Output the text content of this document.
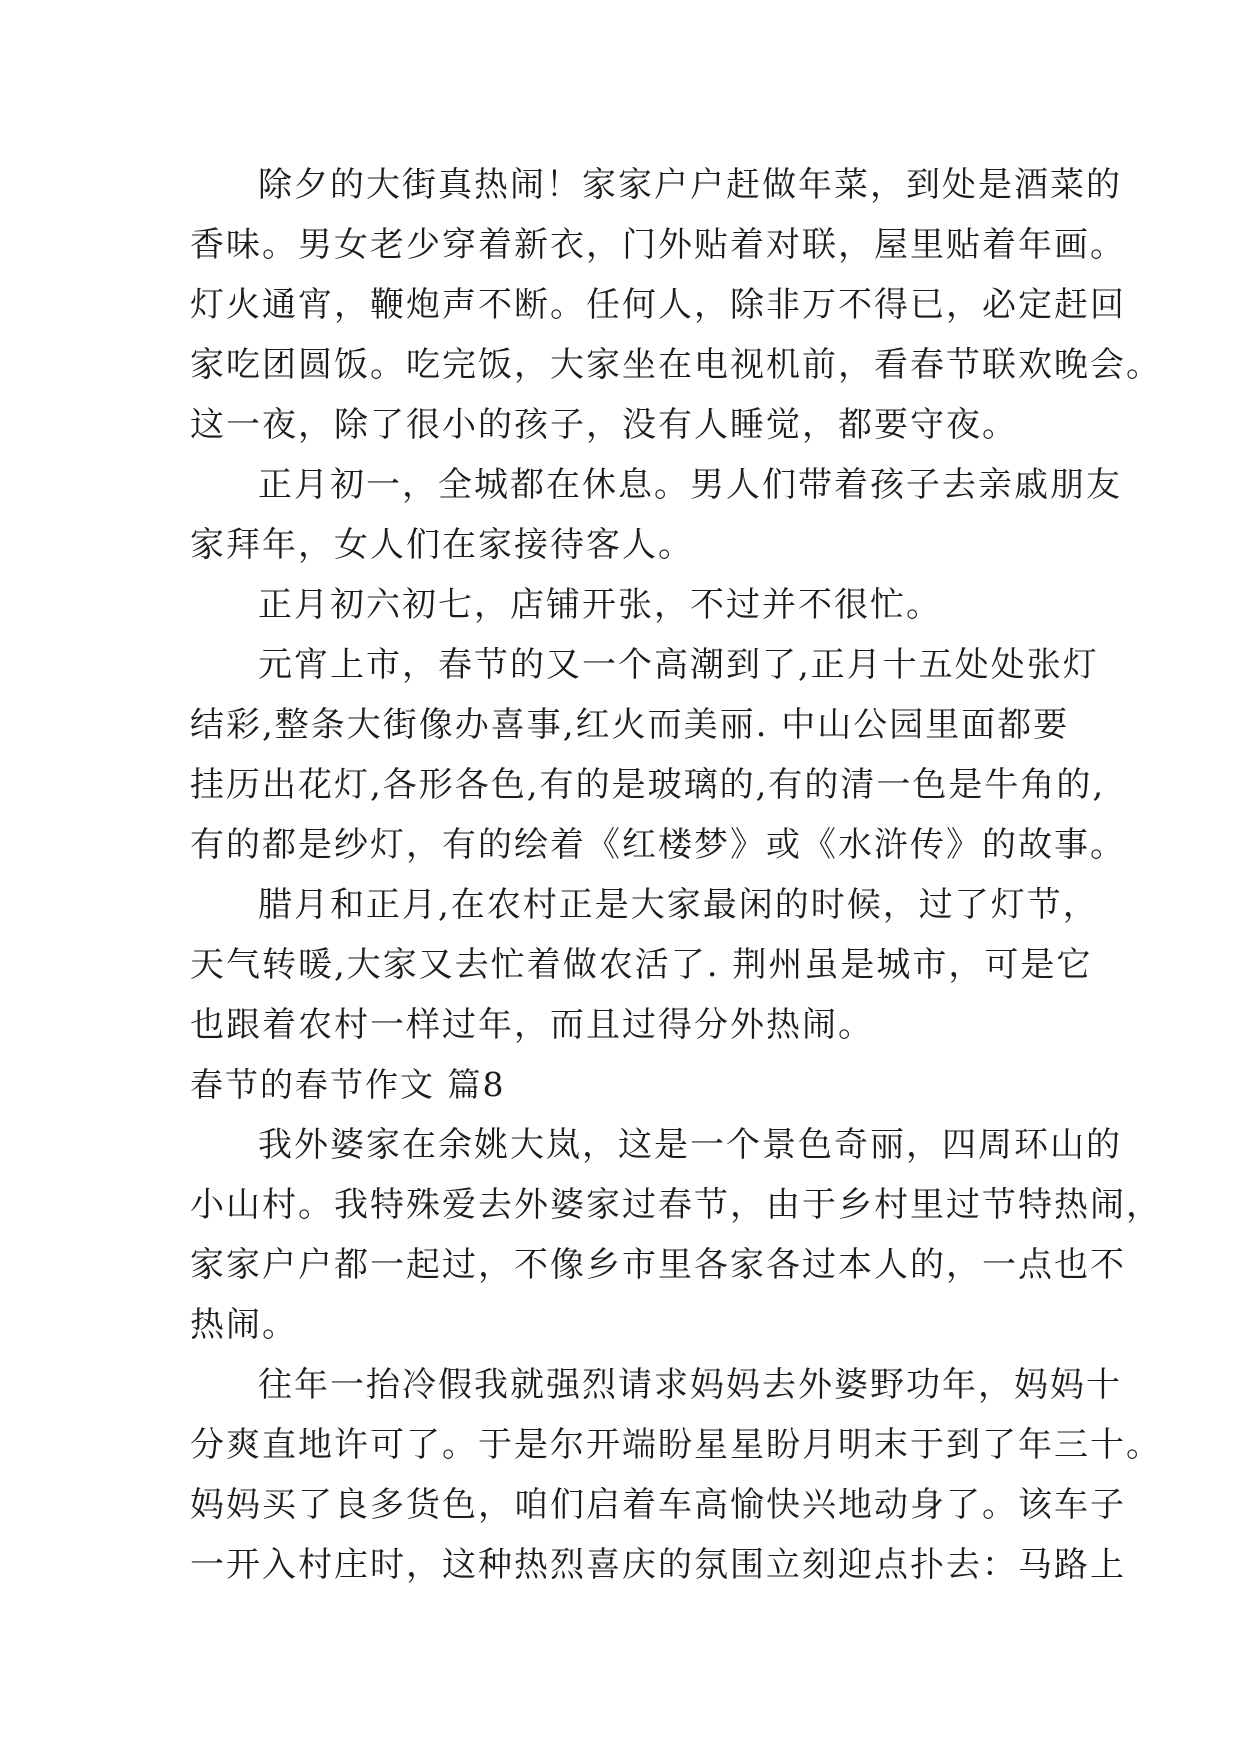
除夕的大街真热闹！家家户户赶做年菜，到处是酒菜的
香味。男女老少穿着新衣，门外贴着对联，屋里贴着年画。
灯火通宵，鞭炮声不断。任何人，除非万不得已，必定赶回
家吃团圆饭。吃完饭，大家坐在电视机前，看春节联欢晚会。
这一夜，除了很小的孩子，没有人睡觉，都要守夜。
正月初一，全城都在休息。男人们带着孩子去亲戚朋友
家拜年，女人们在家接待客人。
正月初六初七，店铺开张，不过并不很忙。
元宵上市，春节的又一个高潮到了,正月十五处处张灯
结彩,整条大街像办喜事,红火而美丽. 中山公园里面都要
挂历出花灯,各形各色,有的是玻璃的,有的清一色是牛角的,
有的都是纱灯，有的绘着《红楼梦》或《水浒传》的故事。
腊月和正月,在农村正是大家最闲的时候，过了灯节，
天气转暖,大家又去忙着做农活了. 荆州虽是城市，可是它
也跟着农村一样过年，而且过得分外热闹。
春节的春节作文 篇8
我外婆家在余姚大岚，这是一个景色奇丽，四周环山的
小山村。我特殊爱去外婆家过春节，由于乡村里过节特热闹，
家家户户都一起过，不像乡市里各家各过本人的，一点也不
热闹。
往年一抬冷假我就强烈请求妈妈去外婆野功年，妈妈十
分爽直地许可了。于是尔开端盼星星盼月明末于到了年三十。
妈妈买了良多货色，咱们启着车高愉快兴地动身了。该车子
一开入村庄时，这种热烈喜庆的氛围立刻迎点扑去：马路上
